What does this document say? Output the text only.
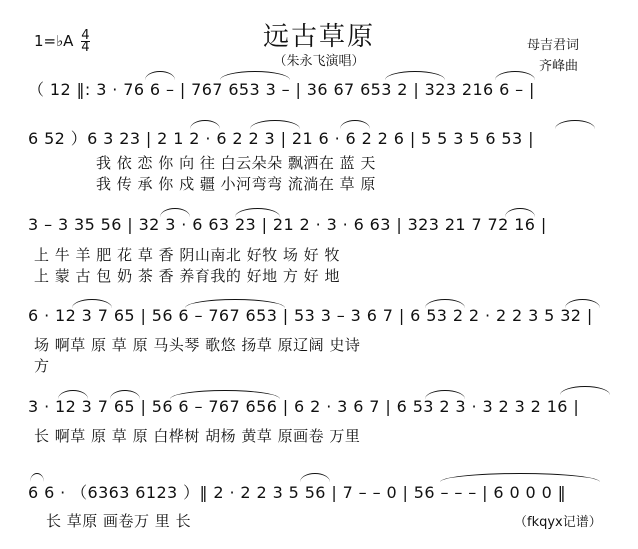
远古草原
（朱永飞演唱）
1=♭A $\frac{4}{4}$	母吉君词
齐峰曲
（ 12 ‖: 3 · 76 6 – | 767 653 3 – | 36 67 653 2 | 323 216 6 – |
6 52 ）6 3 23 | 2 1 2 · 6 2 2 3 | 21 6 · 6 2 2 6 | 5 5 3 5 6 53 |
我 依 恋 你 向 往 白云朵朵 飘洒在 蓝 天
我 传 承 你 戍 疆 小河弯弯 流淌在 草 原
3 – 3 35 56 | 32 3 · 6 63 23 | 21 2 · 3 · 6 63 | 323 21 7 72 16 |
上 牛 羊 肥 花 草 香 阴山南北 好牧 场 好 牧
上 蒙 古 包 奶 茶 香 养育我的 好地 方 好 地
6 · 12 3 7 65 | 56 6 – 767 653 | 53 3 – 3 6 7 | 6 53 2 2 · 2 2 3 5 32 |
场 啊草 原 草 原 马头琴 歌悠 扬草 原辽阔 史诗
方
3 · 12 3 7 65 | 56 6 – 767 656 | 6 2 · 3 6 7 | 6 53 2 3 · 3 2 3 2 16 |
长 啊草 原 草 原 白桦树 胡杨 黄草 原画卷 万里
6 6 · （6363 6123 ）‖ 2 · 2 2 3 5 56 | 7 – – 0 | 56 – – – | 6 0 0 0 ‖
长 草原 画卷万 里 长	（fkqyx记谱）
